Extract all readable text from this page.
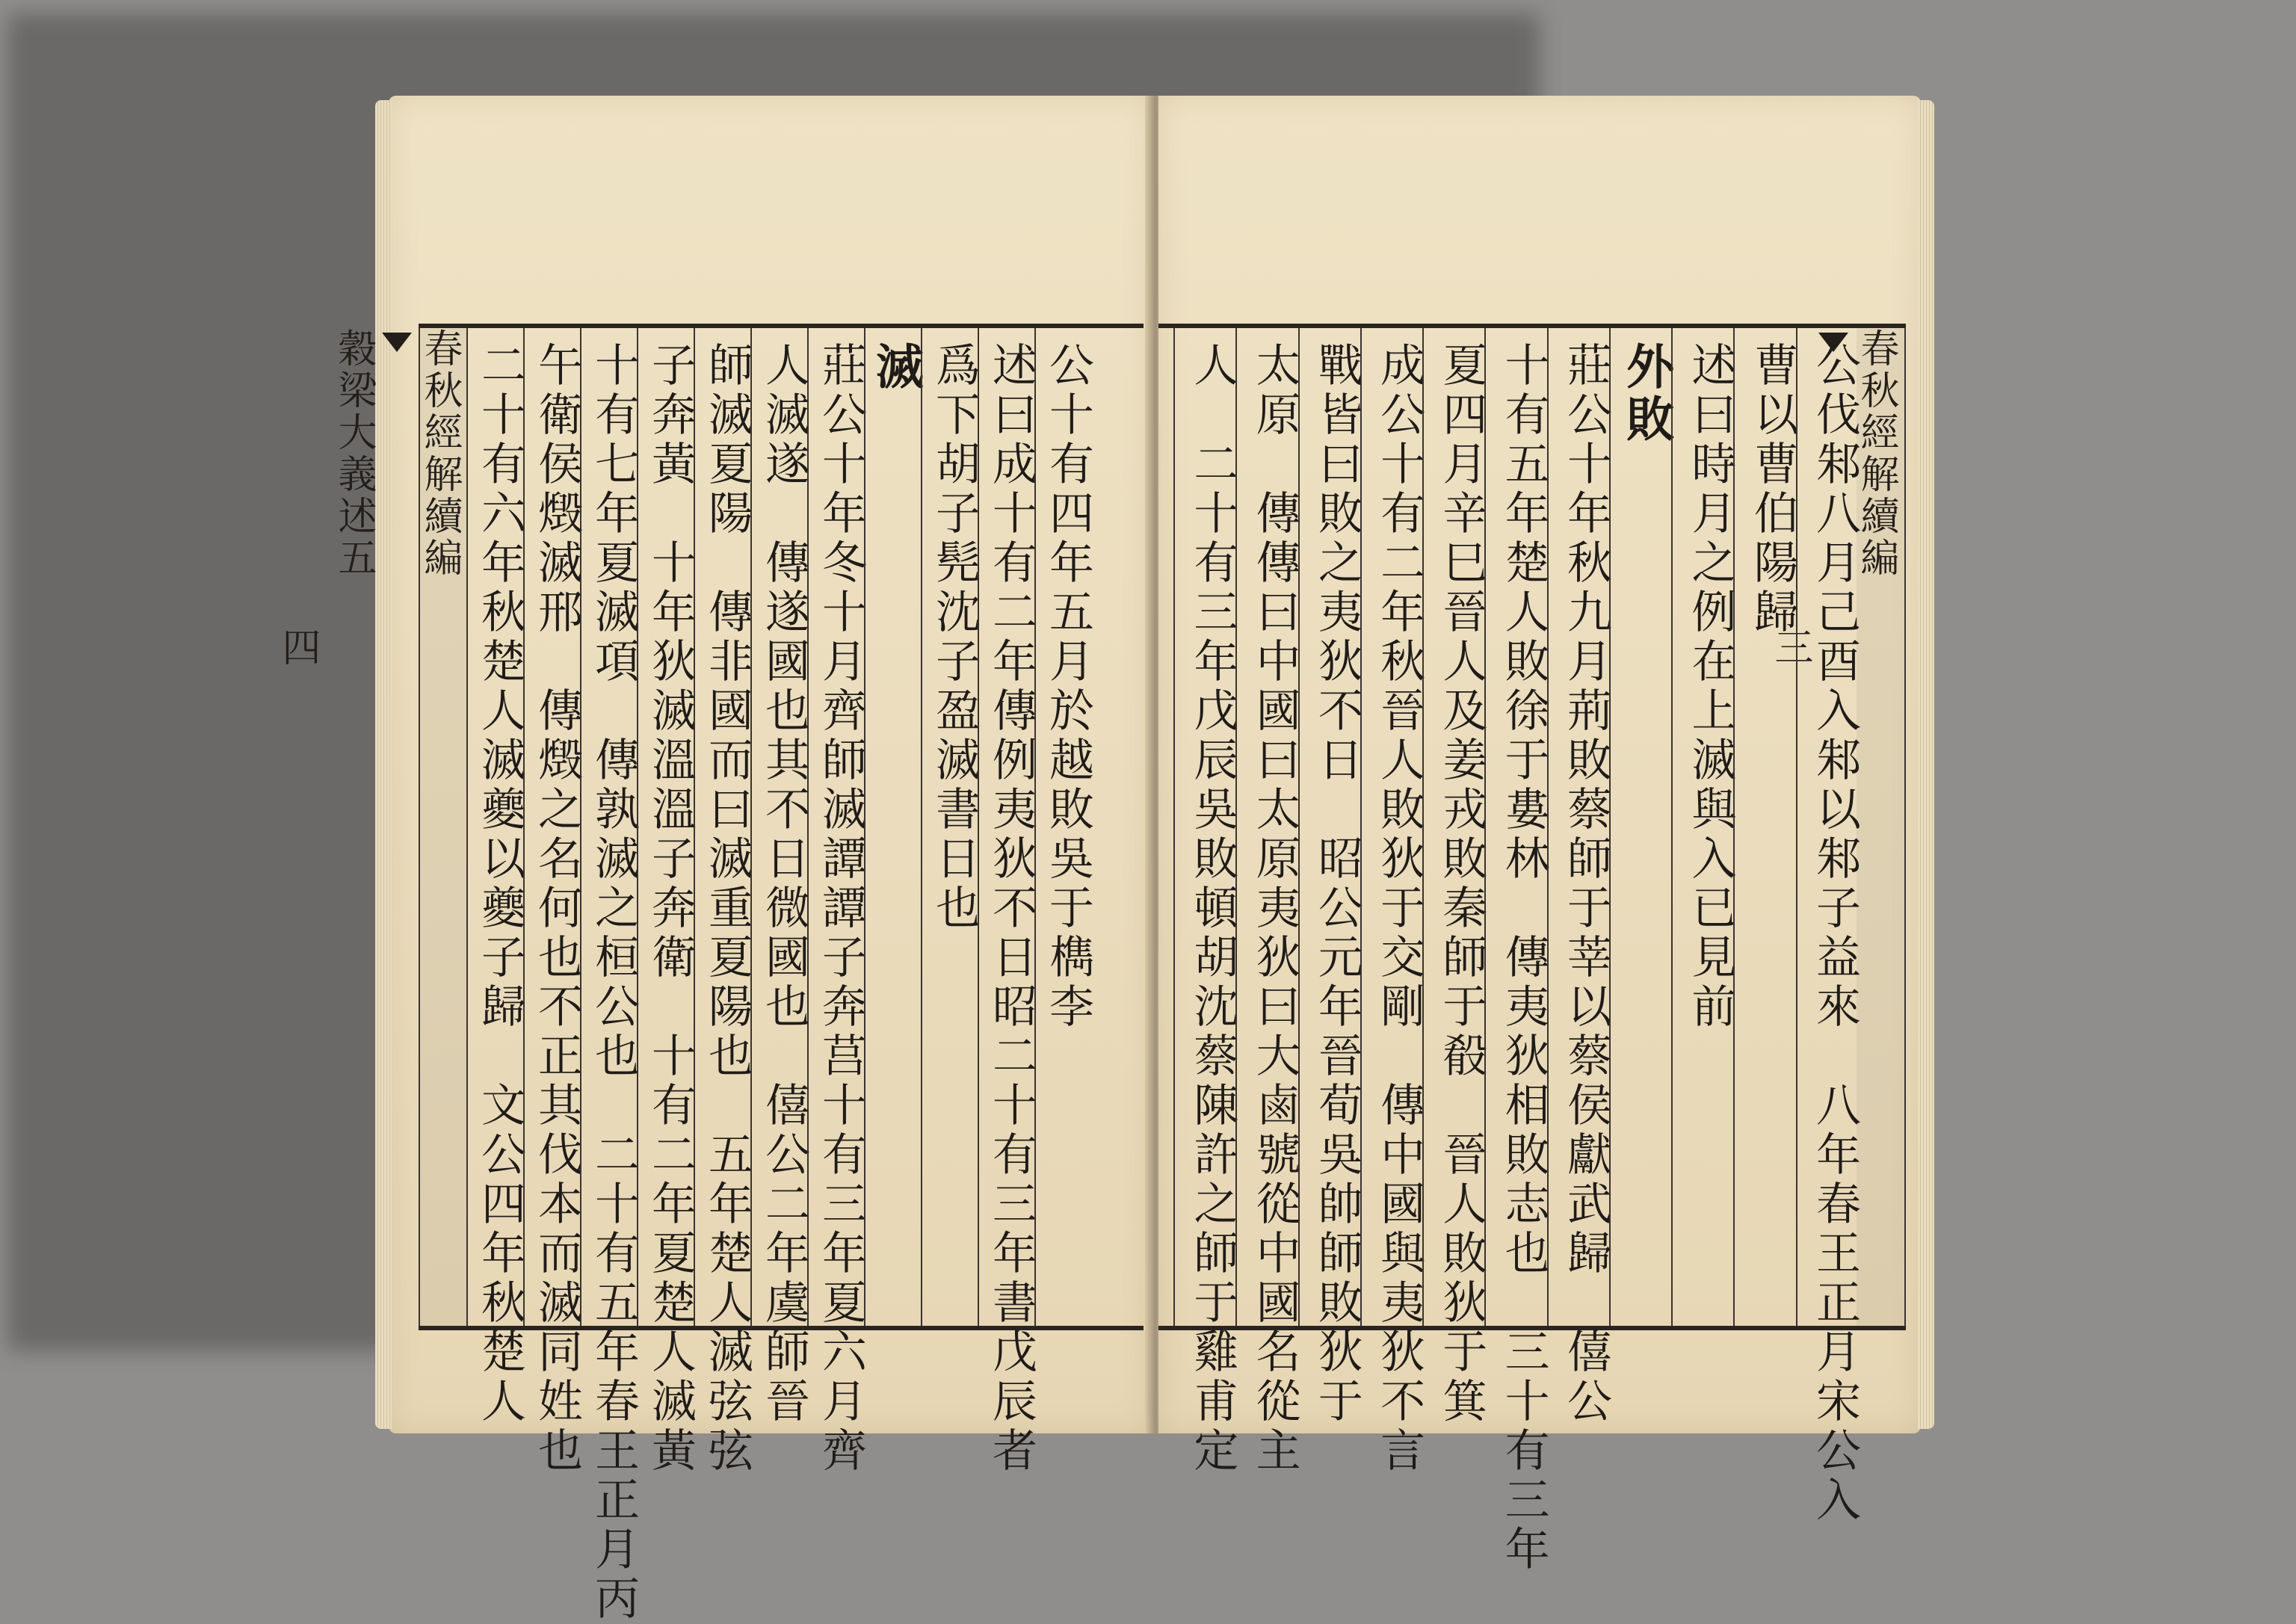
春秋經解續編
穀梁大義述五
四	公十有四年五月於越敗吳于檇李
述曰成十有二年傳例夷狄不日昭二十有三年書戊辰者
爲下胡子髡沈子盈滅書日也
滅
莊公十年冬十月齊師滅譚譚子奔莒十有三年夏六月齊
人滅遂　傳遂國也其不日微國也　僖公二年虞師晉
師滅夏陽　傳非國而曰滅重夏陽也　五年楚人滅弦弦
子奔黃　十年狄滅溫溫子奔衛　十有二年夏楚人滅黃
十有七年夏滅項　傳孰滅之桓公也　二十有五年春王正月丙
午衛侯燬滅邢　傳燬之名何也不正其伐本而滅同姓也
二十有六年秋楚人滅夔以夔子歸　文公四年秋楚人	春秋經解續編
三
公伐邾八月己酉入邾以邾子益來　八年春王正月宋公入
曹以曹伯陽歸
述曰時月之例在上滅與入已見前
外敗
莊公十年秋九月荊敗蔡師于莘以蔡侯獻武歸　僖公
十有五年楚人敗徐于婁林　傳夷狄相敗志也　三十有三年
夏四月辛巳晉人及姜戎敗秦師于殽　晉人敗狄于箕
成公十有二年秋晉人敗狄于交剛　傳中國與夷狄不言
戰皆曰敗之夷狄不日　昭公元年晉荀吳帥師敗狄于
太原　傳傳曰中國曰太原夷狄曰大鹵號從中國名從主
人　二十有三年戊辰吳敗頓胡沈蔡陳許之師于雞甫定
